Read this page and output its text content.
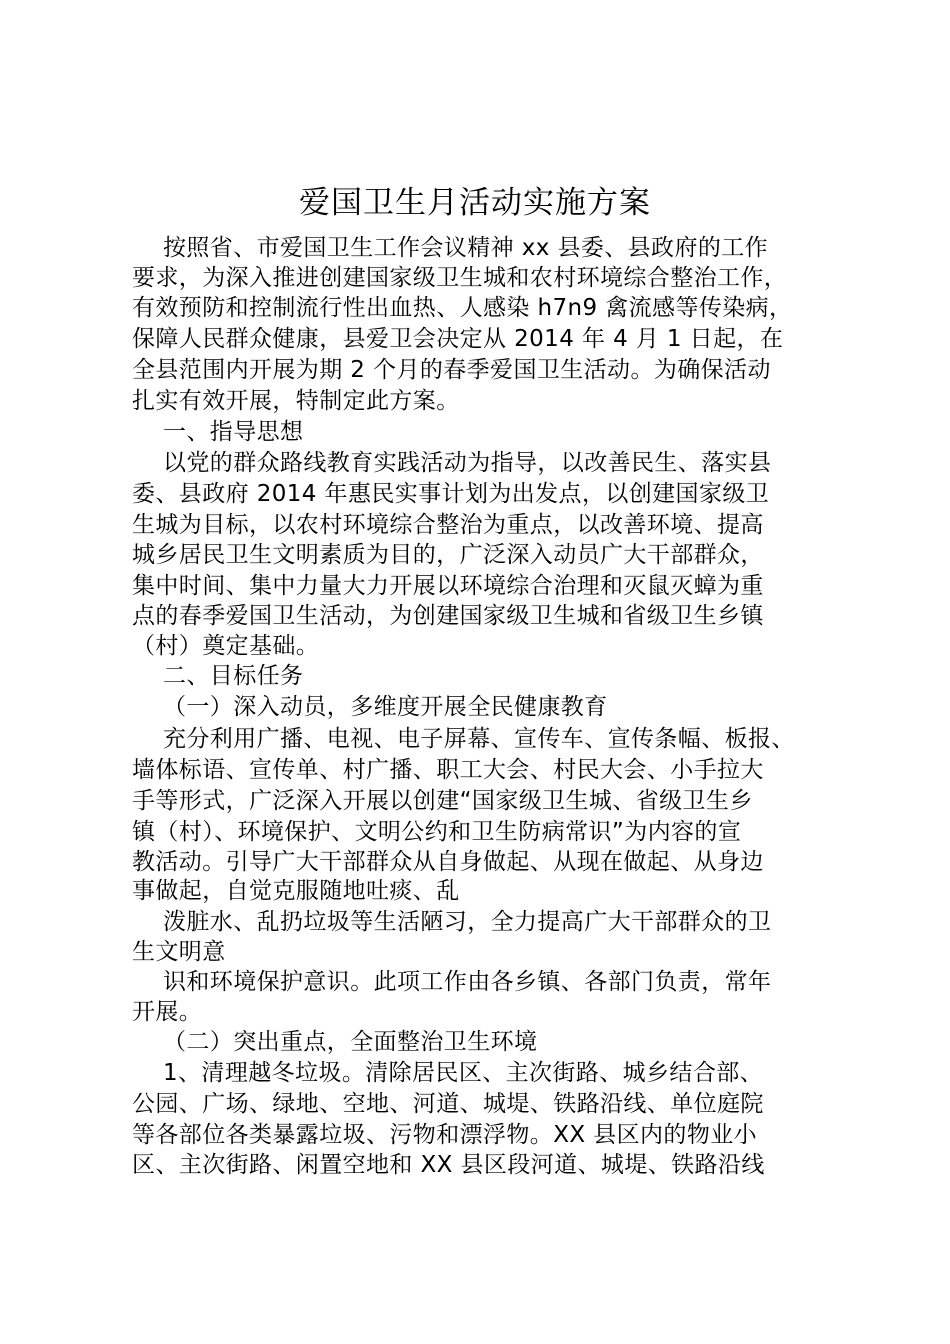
爱国卫生月活动实施方案
按照省、市爱国卫生工作会议精神 xx 县委、县政府的工作
要求，为深入推进创建国家级卫生城和农村环境综合整治工作，
有效预防和控制流行性出血热、人感染 h7n9 禽流感等传染病，
保障人民群众健康，县爱卫会决定从 2014 年 4 月 1 日起，在
全县范围内开展为期 2 个月的春季爱国卫生活动。为确保活动
扎实有效开展，特制定此方案。
一、指导思想
以党的群众路线教育实践活动为指导，以改善民生、落实县
委、县政府 2014 年惠民实事计划为出发点，以创建国家级卫
生城为目标，以农村环境综合整治为重点，以改善环境、提高
城乡居民卫生文明素质为目的，广泛深入动员广大干部群众，
集中时间、集中力量大力开展以环境综合治理和灭鼠灭蟑为重
点的春季爱国卫生活动，为创建国家级卫生城和省级卫生乡镇
（村）奠定基础。
二、目标任务
（一）深入动员，多维度开展全民健康教育
充分利用广播、电视、电子屏幕、宣传车、宣传条幅、板报、
墙体标语、宣传单、村广播、职工大会、村民大会、小手拉大
手等形式，广泛深入开展以创建“国家级卫生城、省级卫生乡
镇（村）、环境保护、文明公约和卫生防病常识”为内容的宣
教活动。引导广大干部群众从自身做起、从现在做起、从身边
事做起，自觉克服随地吐痰、乱
泼脏水、乱扔垃圾等生活陋习，全力提高广大干部群众的卫
生文明意
识和环境保护意识。此项工作由各乡镇、各部门负责，常年
开展。
（二）突出重点，全面整治卫生环境
1、清理越冬垃圾。清除居民区、主次街路、城乡结合部、
公园、广场、绿地、空地、河道、城堤、铁路沿线、单位庭院
等各部位各类暴露垃圾、污物和漂浮物。XX 县区内的物业小
区、主次街路、闲置空地和 XX 县区段河道、城堤、铁路沿线
